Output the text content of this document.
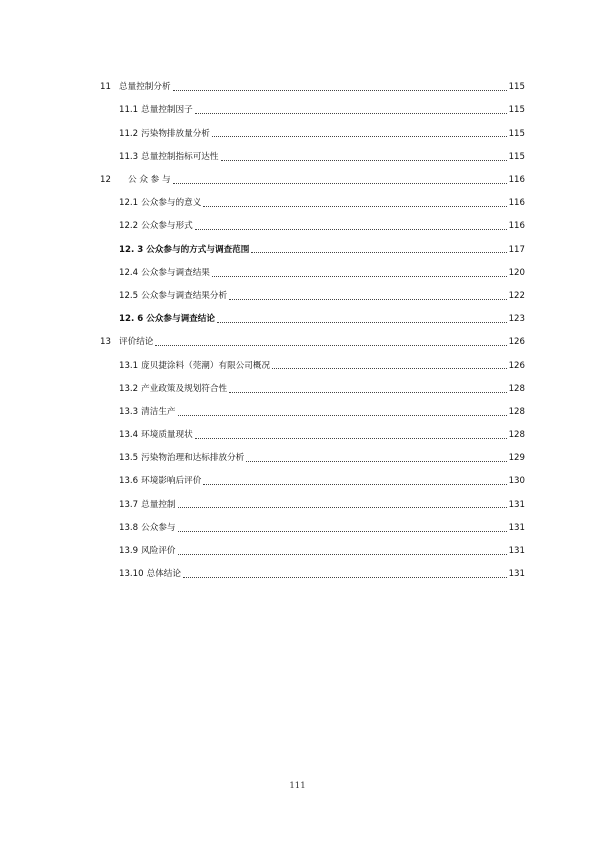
11 总量控制分析	115
11.1 总量控制因子	115
11.2 污染物排放量分析	115
11.3 总量控制指标可达性	115
12	公 众 参 与	116
12.1 公众参与的意义	116
12.2 公众参与形式	116
12. 3 公众参与的方式与调查范围	117
12.4 公众参与调查结果	120
12.5 公众参与调查结果分析	122
12. 6 公众参与调查结论	123
13 评价结论	126
13.1 庞贝捷涂料（莞潮）有限公司概况	126
13.2 产业政策及规划符合性	128
13.3 清洁生产	128
13.4 环境质量现状	128
13.5 污染物治理和达标排放分析	129
13.6 环境影响后评价	130
13.7 总量控制	131
13.8 公众参与	131
13.9 风险评价	131
13.10 总体结论	131
111
